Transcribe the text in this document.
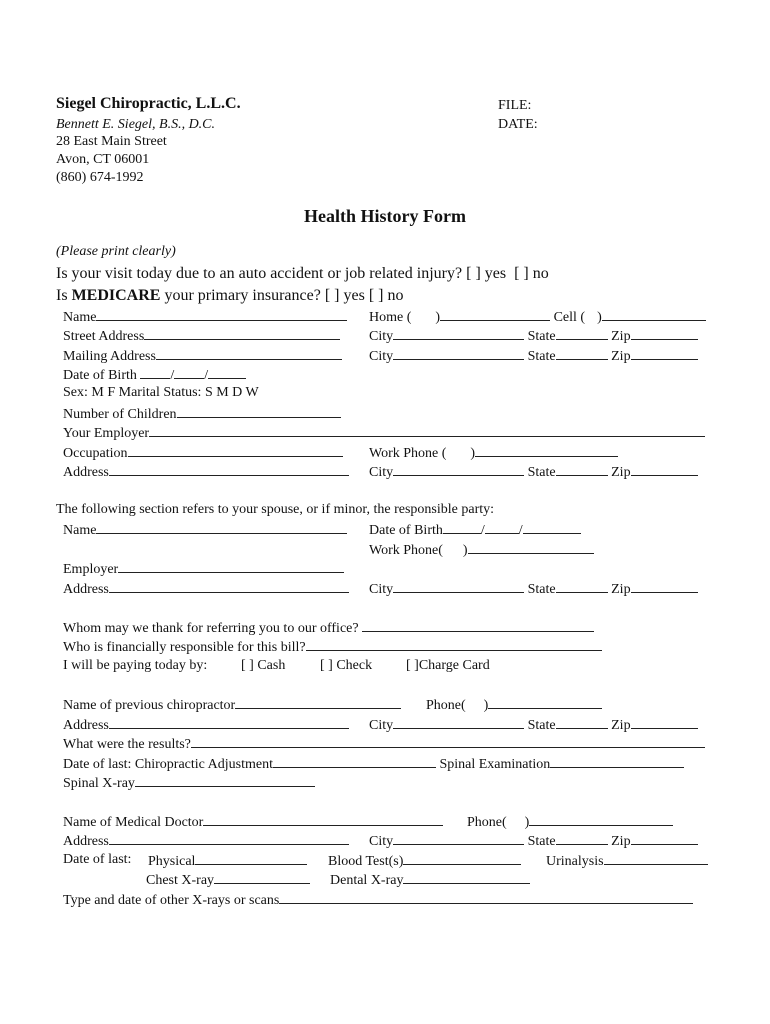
Siegel Chiropractic, L.L.C.
Bennett E. Siegel, B.S., D.C.
28 East Main Street
Avon, CT 06001
(860) 674-1992
FILE:
DATE:
Health History Form
(Please print clearly)
Is your visit today due to an auto accident or job related injury? [ ] yes [ ] no
Is MEDICARE your primary insurance? [ ] yes [ ] no
Name	Home ( )	Cell ( )
Street Address	City	State	Zip
Mailing Address	City	State	Zip
Date of Birth / /
Sex: M F Marital Status: S M D W
Number of Children
Your Employer
Occupation	Work Phone ( )
Address	City	State	Zip
The following section refers to your spouse, or if minor, the responsible party:
Name	Date of Birth	/ /
Work Phone( )
Employer
Address	City	State	Zip
Whom may we thank for referring you to our office?
Who is financially responsible for this bill?
I will be paying today by: [ ] Cash [ ] Check [ ]Charge Card
Name of previous chiropractor	Phone( )
Address	City	State	Zip
What were the results?
Date of last: Chiropractic Adjustment	Spinal Examination
Spinal X-ray
Name of Medical Doctor	Phone( )
Address	City	State	Zip
Date of last: Physical	Blood Test(s)	Urinalysis
Chest X-ray	Dental X-ray
Type and date of other X-rays or scans
